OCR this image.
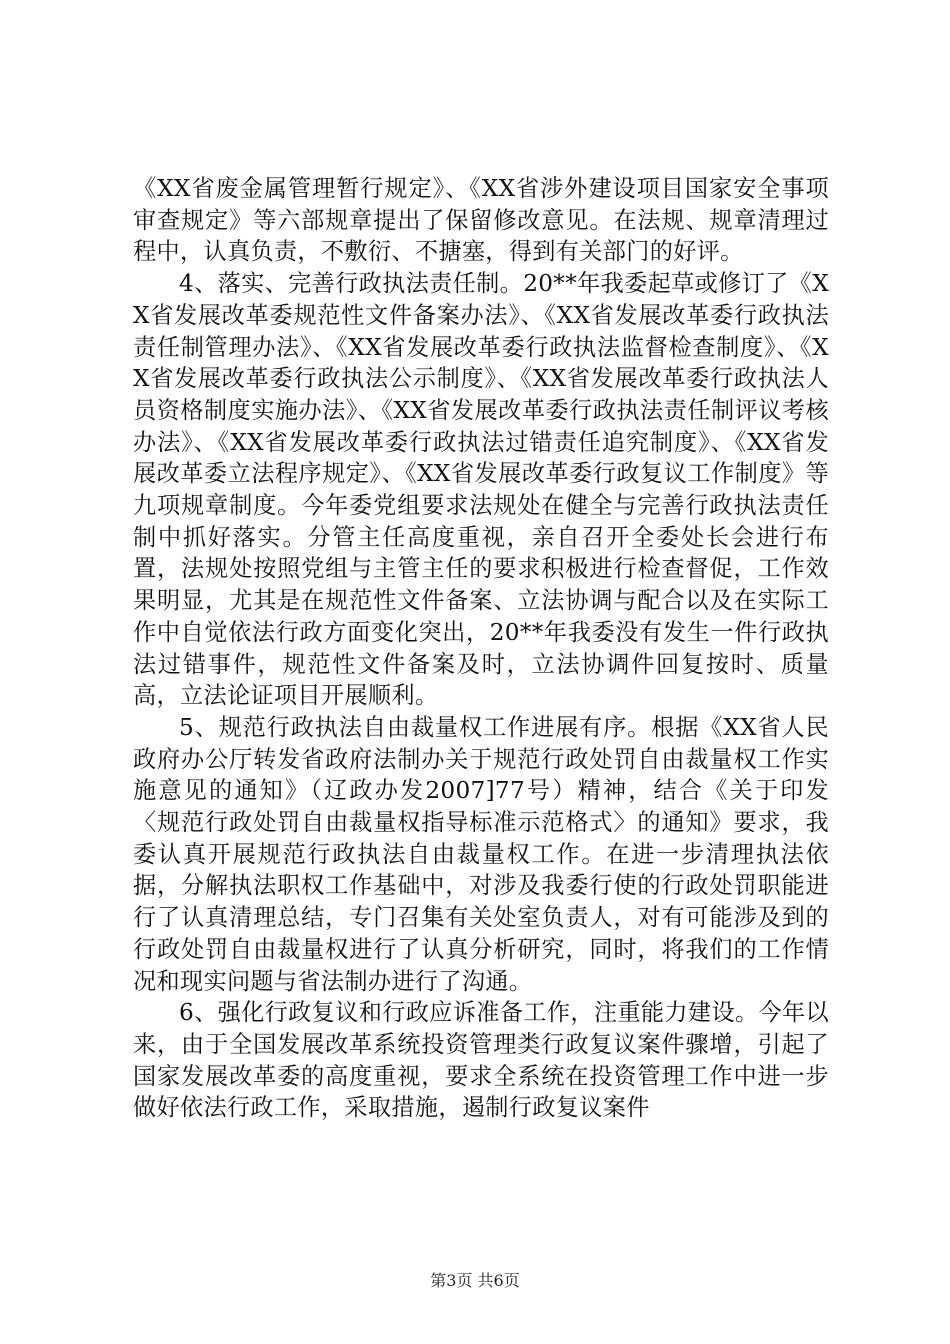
《XX省废金属管理暂行规定》、《XX省涉外建设项目国家安全事项审查规定》等六部规章提出了保留修改意见。在法规、规章清理过程中，认真负责，不敷衍、不搪塞，得到有关部门的好评。

4、落实、完善行政执法责任制。20**年我委起草或修订了《XX省发展改革委规范性文件备案办法》、《XX省发展改革委行政执法责任制管理办法》、《XX省发展改革委行政执法监督检查制度》、《XX省发展改革委行政执法公示制度》、《XX省发展改革委行政执法人员资格制度实施办法》、《XX省发展改革委行政执法责任制评议考核办法》、《XX省发展改革委行政执法过错责任追究制度》、《XX省发展改革委立法程序规定》、《XX省发展改革委行政复议工作制度》等九项规章制度。今年委党组要求法规处在健全与完善行政执法责任制中抓好落实。分管主任高度重视，亲自召开全委处长会进行布置，法规处按照党组与主管主任的要求积极进行检查督促，工作效果明显，尤其是在规范性文件备案、立法协调与配合以及在实际工作中自觉依法行政方面变化突出，20**年我委没有发生一件行政执法过错事件，规范性文件备案及时，立法协调件回复按时、质量高，立法论证项目开展顺利。

5、规范行政执法自由裁量权工作进展有序。根据《XX省人民政府办公厅转发省政府法制办关于规范行政处罚自由裁量权工作实施意见的通知》（辽政办发2007]77号）精神，结合《关于印发〈规范行政处罚自由裁量权指导标准示范格式〉的通知》要求，我委认真开展规范行政执法自由裁量权工作。在进一步清理执法依据，分解执法职权工作基础中，对涉及我委行使的行政处罚职能进行了认真清理总结，专门召集有关处室负责人，对有可能涉及到的行政处罚自由裁量权进行了认真分析研究，同时，将我们的工作情况和现实问题与省法制办进行了沟通。

6、强化行政复议和行政应诉准备工作，注重能力建设。今年以来，由于全国发展改革系统投资管理类行政复议案件骤增，引起了国家发展改革委的高度重视，要求全系统在投资管理工作中进一步做好依法行政工作，采取措施，遏制行政复议案件

第3页 共6页
